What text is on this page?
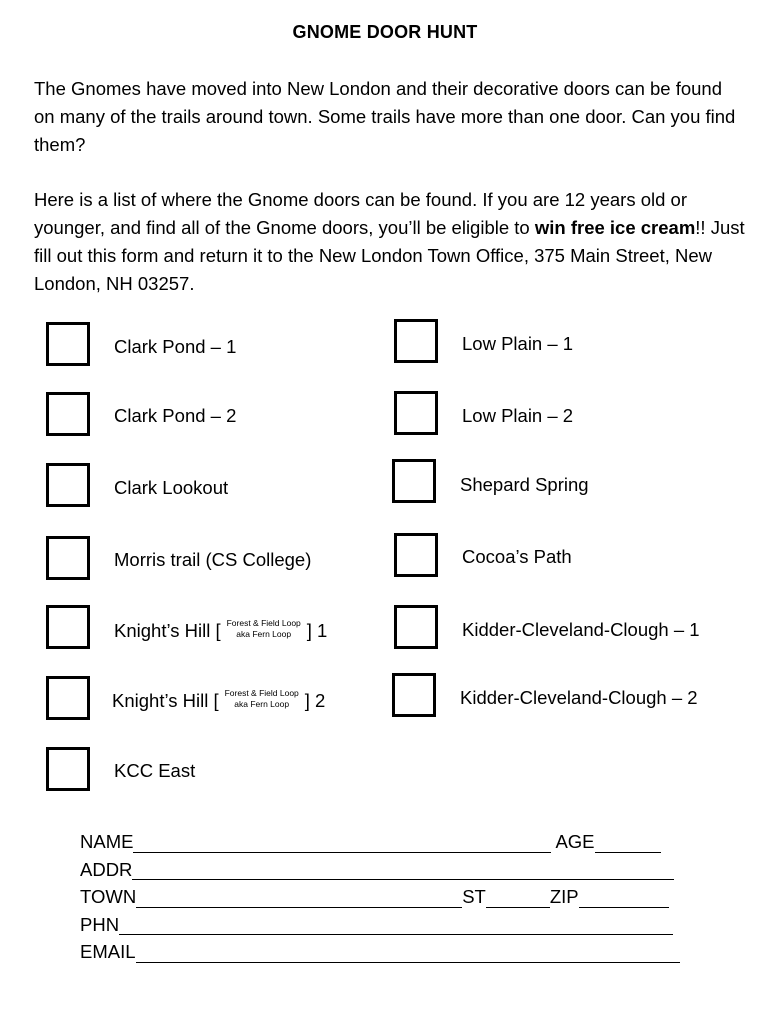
GNOME DOOR HUNT
The Gnomes have moved into New London and their decorative doors can be found on many of the trails around town. Some trails have more than one door. Can you find them?
Here is a list of where the Gnome doors can be found. If you are 12 years old or younger, and find all of the Gnome doors, you’ll be eligible to win free ice cream!! Just fill out this form and return it to the New London Town Office, 375 Main Street, New London, NH 03257.
Clark Pond – 1
Clark Pond – 2
Clark Lookout
Morris trail (CS College)
Knight’s Hill [ Forest & Field Loop
aka Fern Loop ] 1
Knight’s Hill [ Forest & Field Loop
aka Fern Loop ] 2
KCC East
Low Plain – 1
Low Plain – 2
Shepard Spring
Cocoa’s Path
Kidder-Cleveland-Clough – 1
Kidder-Cleveland-Clough – 2
NAME	AGE
ADDR
TOWN	ST	ZIP
PHN
EMAIL
